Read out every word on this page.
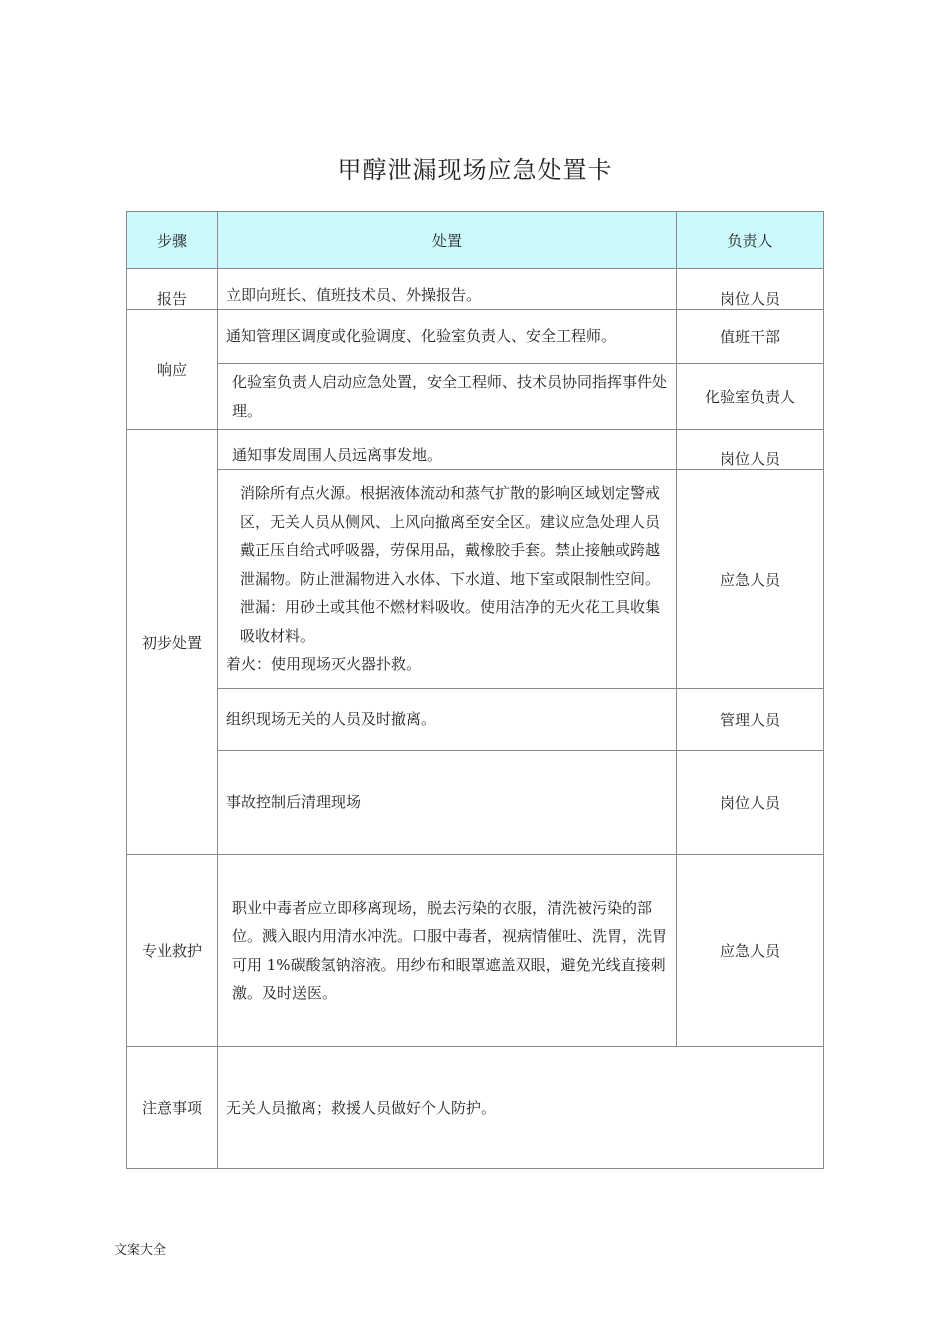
甲醇泄漏现场应急处置卡
步骤	处置	负责人
报告	立即向班长、值班技术员、外操报告。	岗位人员
响应	通知管理区调度或化验调度、化验室负责人、安全工程师。	值班干部
	化验室负责人启动应急处置，安全工程师、技术员协同指挥事件处理。	化验室负责人
初步处置	通知事发周围人员远离事发地。	岗位人员

	消除所有点火源。根据液体流动和蒸气扩散的影响区域划定警戒区，无关人员从侧风、上风向撤离至安全区。建议应急处理人员戴正压自给式呼吸器，劳保用品，戴橡胶手套。禁止接触或跨越泄漏物。防止泄漏物进入水体、下水道、地下室或限制性空间。泄漏：用砂土或其他不燃材料吸收。使用洁净的无火花工具收集吸收材料。
着火：使用现场灭火器扑救。	应急人员
	组织现场无关的人员及时撤离。	管理人员
	事故控制后清理现场	岗位人员
专业救护	职业中毒者应立即移离现场，脱去污染的衣服，清洗被污染的部位。溅入眼内用清水冲洗。口服中毒者，视病情催吐、洗胃，洗胃可用 1%碳酸氢钠溶液。用纱布和眼罩遮盖双眼，避免光线直接刺激。及时送医。	应急人员
注意事项	无关人员撤离；救援人员做好个人防护。	
文案大全
